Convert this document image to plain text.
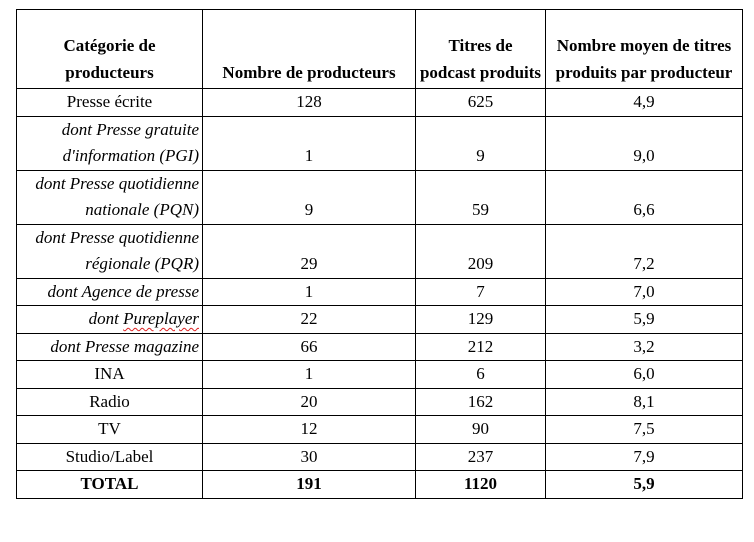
Catégorie de producteurs	Nombre de producteurs	Titres de podcast produits	Nombre moyen de titres produits par producteur
Presse écrite	128	625	4,9
dont Presse gratuite d'information (PGI)	1	9	9,0
dont Presse quotidienne nationale (PQN)	9	59	6,6
dont Presse quotidienne régionale (PQR)	29	209	7,2
dont Agence de presse	1	7	7,0
dont Pureplayer	22	129	5,9
dont Presse magazine	66	212	3,2
INA	1	6	6,0
Radio	20	162	8,1
TV	12	90	7,5
Studio/Label	30	237	7,9
TOTAL	191	1120	5,9
